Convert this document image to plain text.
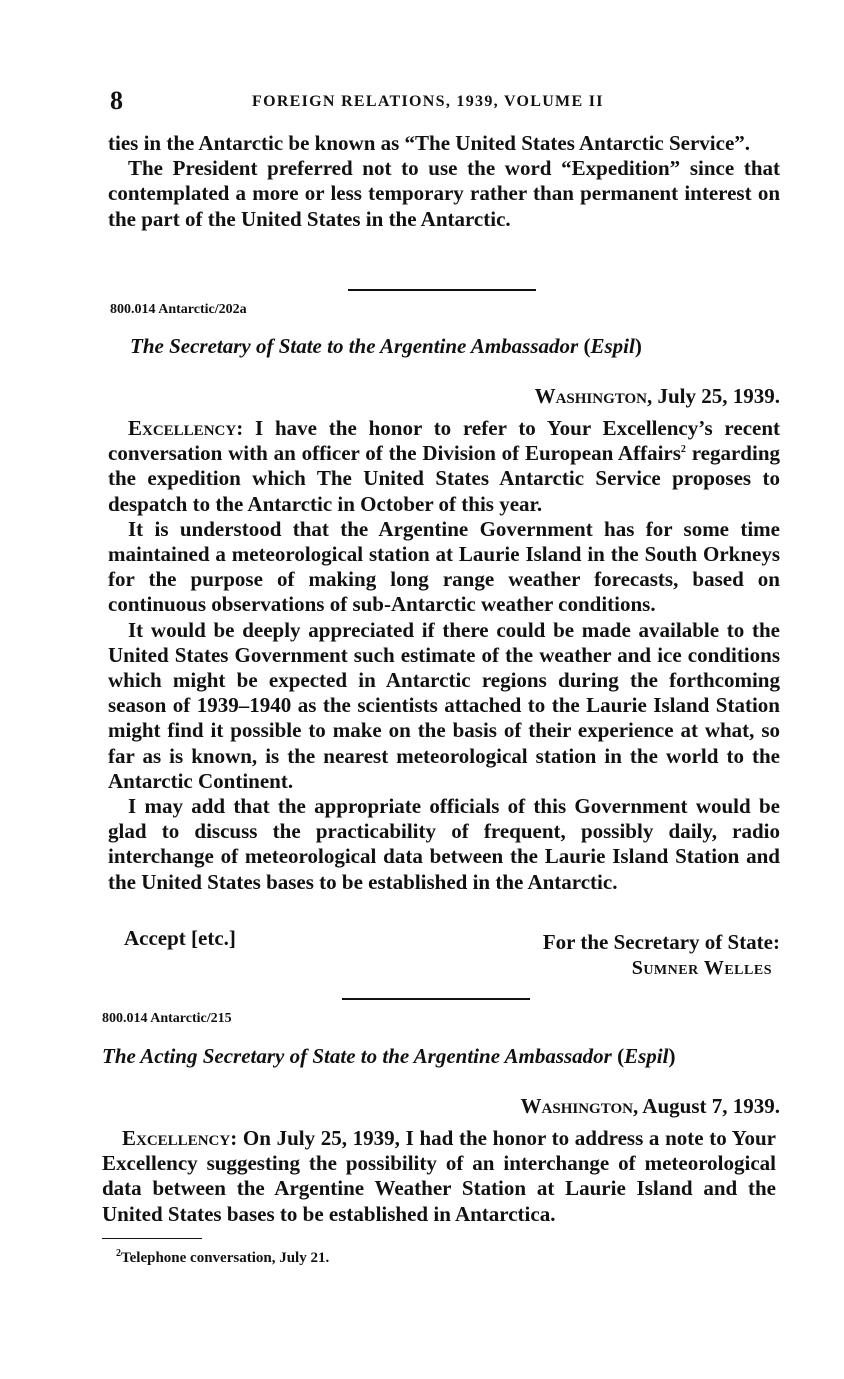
8	FOREIGN RELATIONS, 1939, VOLUME II

ties in the Antarctic be known as “The United States Antarctic Service”.

The President preferred not to use the word “Expedition” since that contemplated a more or less temporary rather than permanent interest on the part of the United States in the Antarctic.

800.014 Antarctic/202a
The Secretary of State to the Argentine Ambassador (Espil)
Washington, July 25, 1939.

Excellency: I have the honor to refer to Your Excellency’s recent conversation with an officer of the Division of European Affairs$^2$ regarding the expedition which The United States Antarctic Service proposes to despatch to the Antarctic in October of this year.

It is understood that the Argentine Government has for some time maintained a meteorological station at Laurie Island in the South Orkneys for the purpose of making long range weather forecasts, based on continuous observations of sub-Antarctic weather conditions.

It would be deeply appreciated if there could be made available to the United States Government such estimate of the weather and ice conditions which might be expected in Antarctic regions during the forthcoming season of 1939–1940 as the scientists attached to the Laurie Island Station might find it possible to make on the basis of their experience at what, so far as is known, is the nearest meteorological station in the world to the Antarctic Continent.

I may add that the appropriate officials of this Government would be glad to discuss the practicability of frequent, possibly daily, radio interchange of meteorological data between the Laurie Island Station and the United States bases to be established in the Antarctic.

Accept [etc.]	For the Secretary of State:
Sumner Welles
800.014 Antarctic/215
The Acting Secretary of State to the Argentine Ambassador (Espil)
Washington, August 7, 1939.

Excellency: On July 25, 1939, I had the honor to address a note to Your Excellency suggesting the possibility of an interchange of meteorological data between the Argentine Weather Station at Laurie Island and the United States bases to be established in Antarctica.

$^2$Telephone conversation, July 21.
